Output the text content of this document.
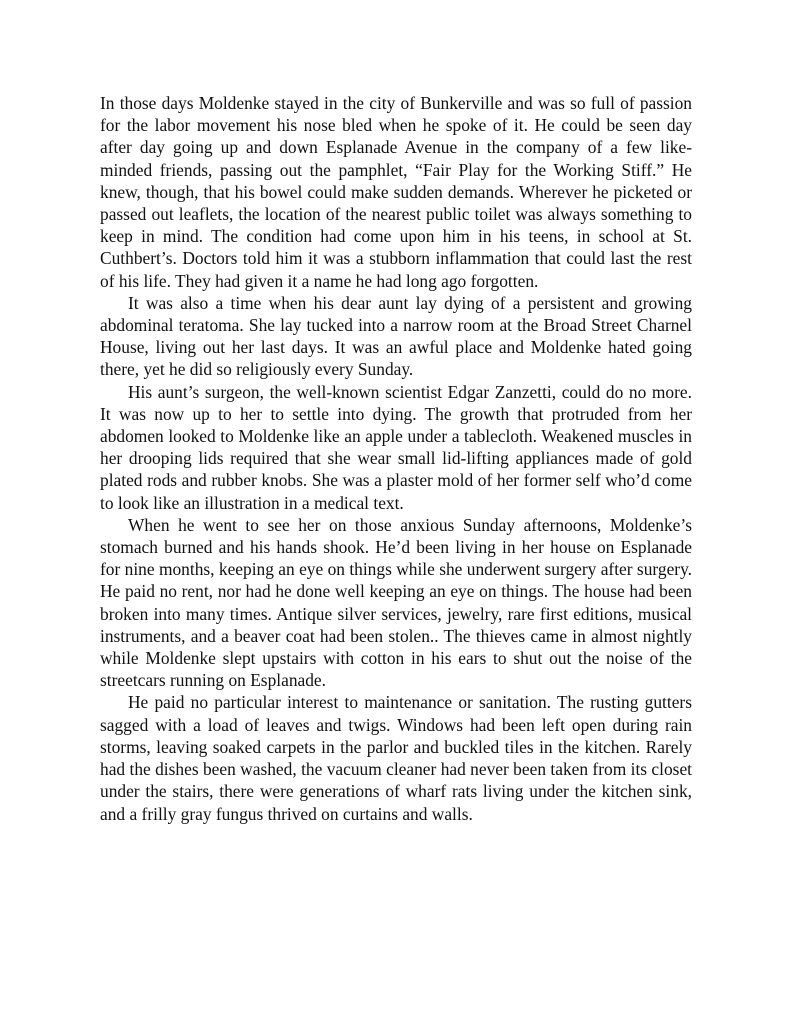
In those days Moldenke stayed in the city of Bunkerville and was so full of passion for the labor movement his nose bled when he spoke of it. He could be seen day after day going up and down Esplanade Avenue in the company of a few like-minded friends, passing out the pamphlet, “Fair Play for the Working Stiff.” He knew, though, that his bowel could make sudden demands. Wherever he picketed or passed out leaflets, the location of the nearest public toilet was always something to keep in mind. The condition had come upon him in his teens, in school at St. Cuthbert’s. Doctors told him it was a stubborn inflammation that could last the rest of his life. They had given it a name he had long ago forgotten.

It was also a time when his dear aunt lay dying of a persistent and growing abdominal teratoma. She lay tucked into a narrow room at the Broad Street Charnel House, living out her last days. It was an awful place and Moldenke hated going there, yet he did so religiously every Sunday.

His aunt’s surgeon, the well-known scientist Edgar Zanzetti, could do no more. It was now up to her to settle into dying. The growth that protruded from her abdomen looked to Moldenke like an apple under a tablecloth. Weakened muscles in her drooping lids required that she wear small lid-lifting appliances made of gold plated rods and rubber knobs. She was a plaster mold of her former self who’d come to look like an illustration in a medical text.

When he went to see her on those anxious Sunday afternoons, Moldenke’s stomach burned and his hands shook. He’d been living in her house on Esplanade for nine months, keeping an eye on things while she underwent surgery after surgery. He paid no rent, nor had he done well keeping an eye on things. The house had been broken into many times. Antique silver services, jewelry, rare first editions, musical instruments, and a beaver coat had been stolen.. The thieves came in almost nightly while Moldenke slept upstairs with cotton in his ears to shut out the noise of the streetcars running on Esplanade.

He paid no particular interest to maintenance or sanitation. The rusting gutters sagged with a load of leaves and twigs. Windows had been left open during rain storms, leaving soaked carpets in the parlor and buckled tiles in the kitchen. Rarely had the dishes been washed, the vacuum cleaner had never been taken from its closet under the stairs, there were generations of wharf rats living under the kitchen sink, and a frilly gray fungus thrived on curtains and walls.
